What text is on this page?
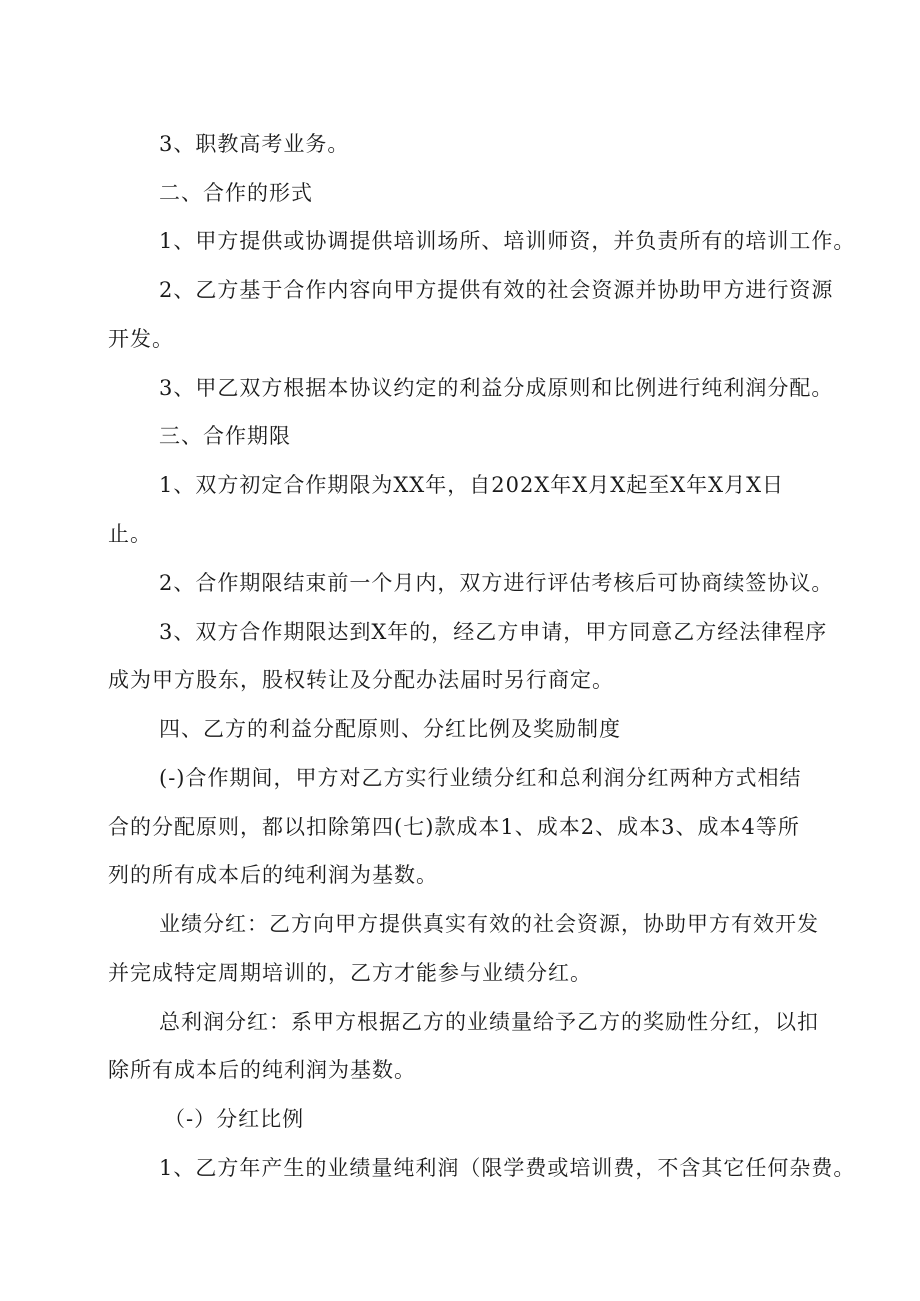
3、职教高考业务。
二、合作的形式
1、甲方提供或协调提供培训场所、培训师资，并负责所有的培训工作。
2、乙方基于合作内容向甲方提供有效的社会资源并协助甲方进行资源
开发。
3、甲乙双方根据本协议约定的利益分成原则和比例进行纯利润分配。
三、合作期限
1、双方初定合作期限为XX年，自202X年X月X起至X年X月X日
止。
2、合作期限结束前一个月内，双方进行评估考核后可协商续签协议。
3、双方合作期限达到X年的，经乙方申请，甲方同意乙方经法律程序
成为甲方股东，股权转让及分配办法届时另行商定。
四、乙方的利益分配原则、分红比例及奖励制度
(-)合作期间，甲方对乙方实行业绩分红和总利润分红两种方式相结
合的分配原则，都以扣除第四(七)款成本1、成本2、成本3、成本4等所
列的所有成本后的纯利润为基数。
业绩分红：乙方向甲方提供真实有效的社会资源，协助甲方有效开发
并完成特定周期培训的，乙方才能参与业绩分红。
总利润分红：系甲方根据乙方的业绩量给予乙方的奖励性分红，以扣
除所有成本后的纯利润为基数。
（-）分红比例
1、乙方年产生的业绩量纯利润（限学费或培训费，不含其它任何杂费。
